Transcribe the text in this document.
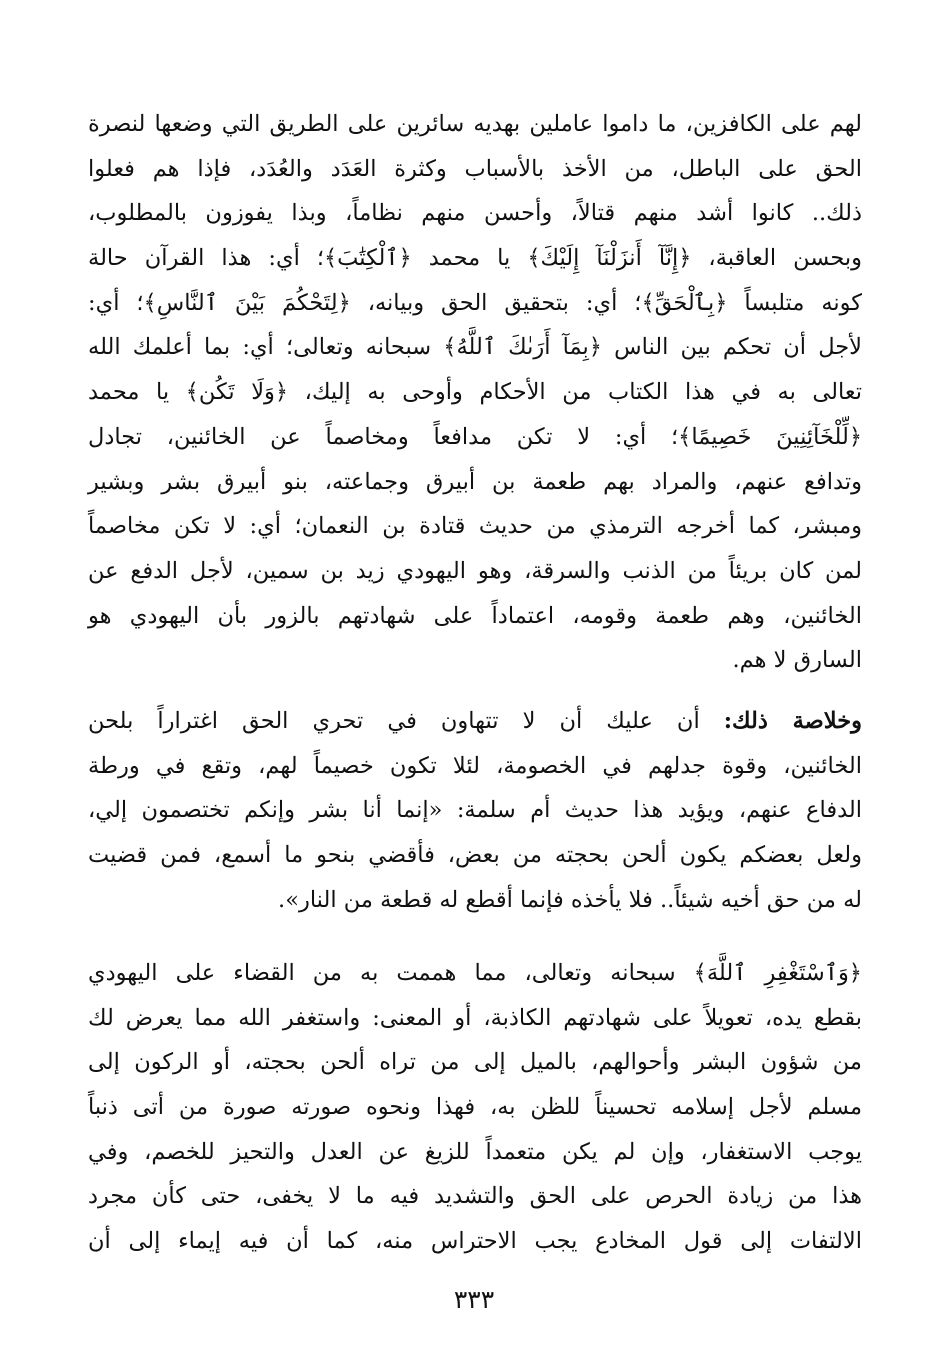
لهم على الكافزين، ما داموا عاملين بهديه سائرين على الطريق التي وضعها لنصرة
الحق على الباطل، من الأخذ بالأسباب وكثرة العَدَد والعُدَد، فإذا هم فعلوا
ذلك.. كانوا أشد منهم قتالاً، وأحسن منهم نظاماً، وبذا يفوزون بالمطلوب،
وبحسن العاقبة، ﴿إِنَّآ أَنزَلْنَآ إِلَيْكَ﴾ يا محمد ﴿ٱلْكِتَٰبَ﴾؛ أي: هذا القرآن حالة
كونه متلبساً ﴿بِٱلْحَقِّ﴾؛ أي: بتحقيق الحق وبيانه، ﴿لِتَحْكُمَ بَيْنَ ٱلنَّاسِ﴾؛ أي:
لأجل أن تحكم بين الناس ﴿بِمَآ أَرَىٰكَ ٱللَّهُ﴾ سبحانه وتعالى؛ أي: بما أعلمك الله
تعالى به في هذا الكتاب من الأحكام وأوحى به إليك، ﴿وَلَا تَكُن﴾ يا محمد
﴿لِّلْخَآئِنِينَ خَصِيمًا﴾؛ أي: لا تكن مدافعاً ومخاصماً عن الخائنين، تجادل
وتدافع عنهم، والمراد بهم طعمة بن أبيرق وجماعته، بنو أبيرق بشر وبشير
ومبشر، كما أخرجه الترمذي من حديث قتادة بن النعمان؛ أي: لا تكن مخاصماً
لمن كان بريئاً من الذنب والسرقة، وهو اليهودي زيد بن سمين، لأجل الدفع عن
الخائنين، وهم طعمة وقومه، اعتماداً على شهادتهم بالزور بأن اليهودي هو
السارق لا هم.
وخلاصة ذلك: أن عليك أن لا تتهاون في تحري الحق اغتراراً بلحن
الخائنين، وقوة جدلهم في الخصومة، لئلا تكون خصيماً لهم، وتقع في ورطة
الدفاع عنهم، ويؤيد هذا حديث أم سلمة: «إنما أنا بشر وإنكم تختصمون إلي،
ولعل بعضكم يكون ألحن بحجته من بعض، فأقضي بنحو ما أسمع، فمن قضيت
له من حق أخيه شيئاً.. فلا يأخذه فإنما أقطع له قطعة من النار».
﴿وَٱسْتَغْفِرِ ٱللَّهَ﴾ سبحانه وتعالى، مما هممت به من القضاء على اليهودي
بقطع يده، تعويلاً على شهادتهم الكاذبة، أو المعنى: واستغفر الله مما يعرض لك
من شؤون البشر وأحوالهم، بالميل إلى من تراه ألحن بحجته، أو الركون إلى
مسلم لأجل إسلامه تحسيناً للظن به، فهذا ونحوه صورته صورة من أتى ذنباً
يوجب الاستغفار، وإن لم يكن متعمداً للزيغ عن العدل والتحيز للخصم، وفي
هذا من زيادة الحرص على الحق والتشديد فيه ما لا يخفى، حتى كأن مجرد
الالتفات إلى قول المخادع يجب الاحتراس منه، كما أن فيه إيماء إلى أن
٣٣٣
